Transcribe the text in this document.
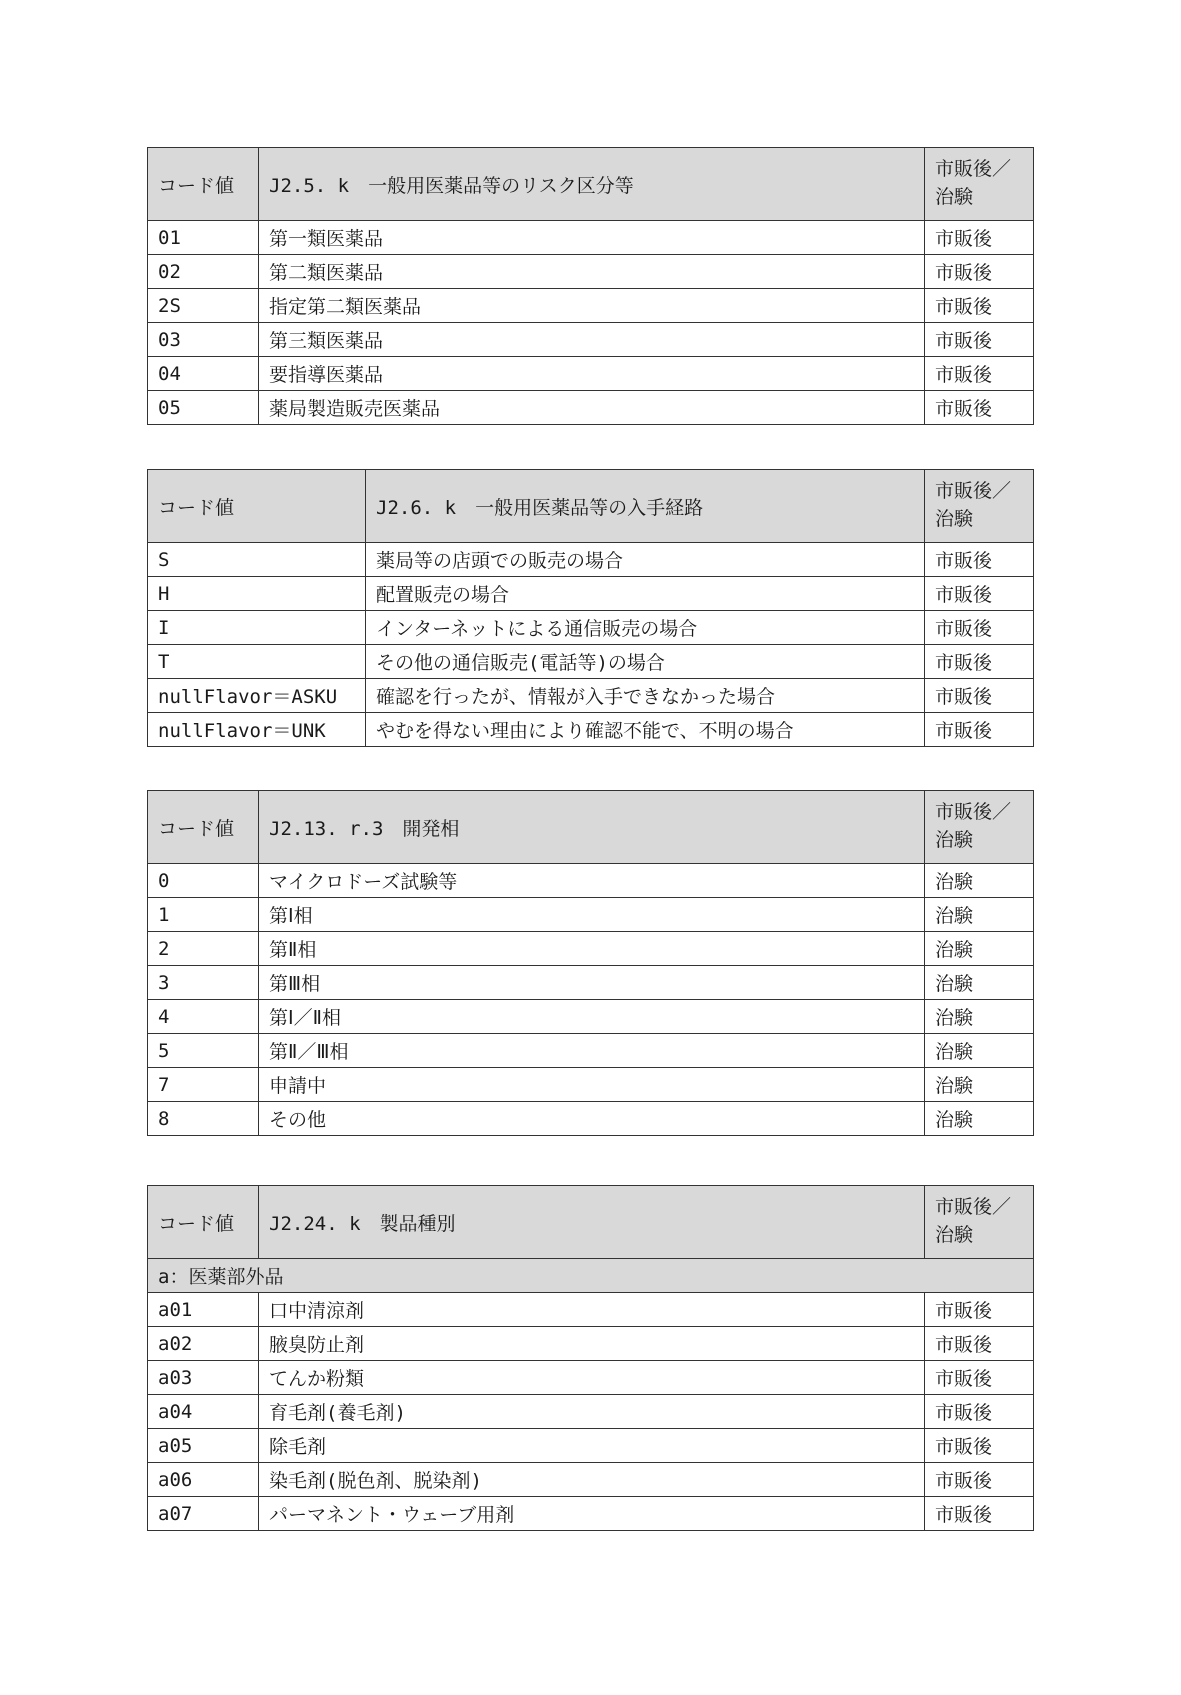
コード値	J2.5. k　一般用医薬品等のリスク区分等	市販後／治験
01	第一類医薬品	市販後
02	第二類医薬品	市販後
2S	指定第二類医薬品	市販後
03	第三類医薬品	市販後
04	要指導医薬品	市販後
05	薬局製造販売医薬品	市販後
コード値	J2.6. k　一般用医薬品等の入手経路	市販後／治験
S	薬局等の店頭での販売の場合	市販後
H	配置販売の場合	市販後
I	インターネットによる通信販売の場合	市販後
T	その他の通信販売(電話等)の場合	市販後
nullFlavor＝ASKU	確認を行ったが、情報が入手できなかった場合	市販後
nullFlavor＝UNK	やむを得ない理由により確認不能で、不明の場合	市販後
コード値	J2.13. r.3　開発相	市販後／治験
0	マイクロドーズ試験等	治験
1	第Ⅰ相	治験
2	第Ⅱ相	治験
3	第Ⅲ相	治験
4	第Ⅰ／Ⅱ相	治験
5	第Ⅱ／Ⅲ相	治験
7	申請中	治験
8	その他	治験
コード値	J2.24. k　製品種別	市販後／治験
a：医薬部外品		
a01	口中清涼剤	市販後
a02	腋臭防止剤	市販後
a03	てんか粉類	市販後
a04	育毛剤(養毛剤)	市販後
a05	除毛剤	市販後
a06	染毛剤(脱色剤、脱染剤)	市販後
a07	パーマネント・ウェーブ用剤	市販後
